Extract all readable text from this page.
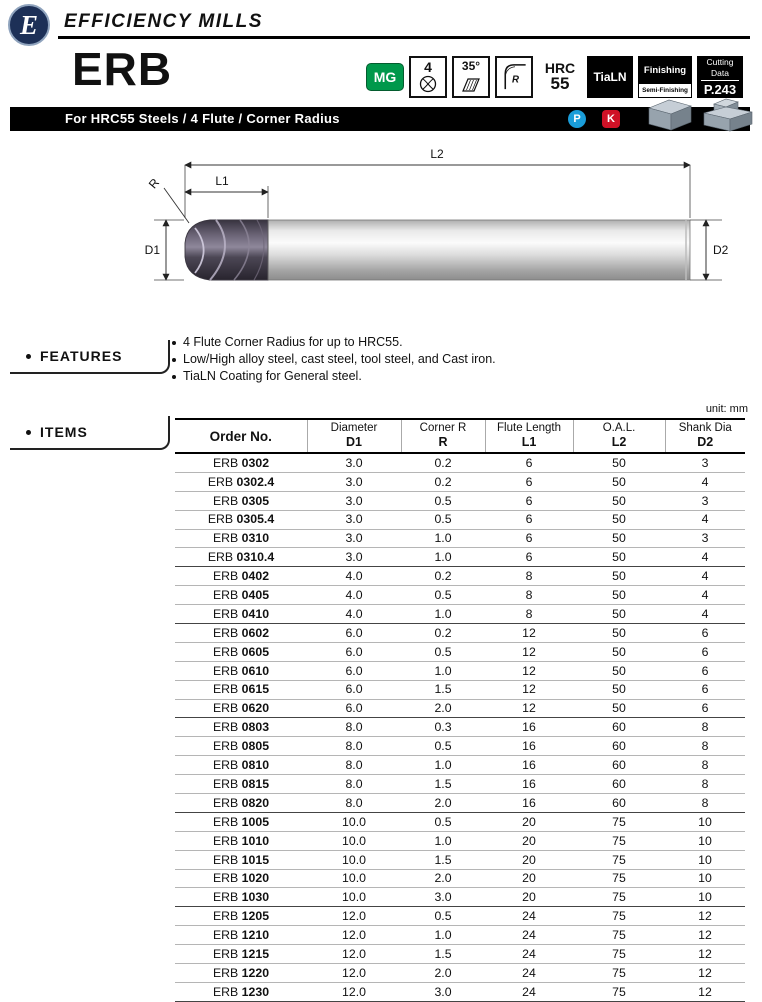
E EFFICIENCY MILLS
ERB	MG
4	35°
R
HRC
55	TiaLN	Finishing
Semi-Finishing
Cutting
Data
P.243
For HRC55 Steels / 4 Flute / Corner Radius	P	K
L2
L1
R
D1	D2
FEATURES
4 Flute Corner Radius for up to HRC55.
Low/High alloy steel, cast steel, tool steel, and Cast iron.
TiaLN Coating for General steel.
ITEMS
unit: mm
Order No.	
Diameter
D1

Corner R
R

Flute Length
L1

O.A.L.
L2

Shank Dia
D2

ERB 0302	3.0	0.2	6	50	3
ERB 0302.4	3.0	0.2	6	50	4
ERB 0305	3.0	0.5	6	50	3
ERB 0305.4	3.0	0.5	6	50	4
ERB 0310	3.0	1.0	6	50	3
ERB 0310.4	3.0	1.0	6	50	4
ERB 0402	4.0	0.2	8	50	4
ERB 0405	4.0	0.5	8	50	4
ERB 0410	4.0	1.0	8	50	4
ERB 0602	6.0	0.2	12	50	6
ERB 0605	6.0	0.5	12	50	6
ERB 0610	6.0	1.0	12	50	6
ERB 0615	6.0	1.5	12	50	6
ERB 0620	6.0	2.0	12	50	6
ERB 0803	8.0	0.3	16	60	8
ERB 0805	8.0	0.5	16	60	8
ERB 0810	8.0	1.0	16	60	8
ERB 0815	8.0	1.5	16	60	8
ERB 0820	8.0	2.0	16	60	8
ERB 1005	10.0	0.5	20	75	10
ERB 1010	10.0	1.0	20	75	10
ERB 1015	10.0	1.5	20	75	10
ERB 1020	10.0	2.0	20	75	10
ERB 1030	10.0	3.0	20	75	10
ERB 1205	12.0	0.5	24	75	12
ERB 1210	12.0	1.0	24	75	12
ERB 1215	12.0	1.5	24	75	12
ERB 1220	12.0	2.0	24	75	12
ERB 1230	12.0	3.0	24	75	12
